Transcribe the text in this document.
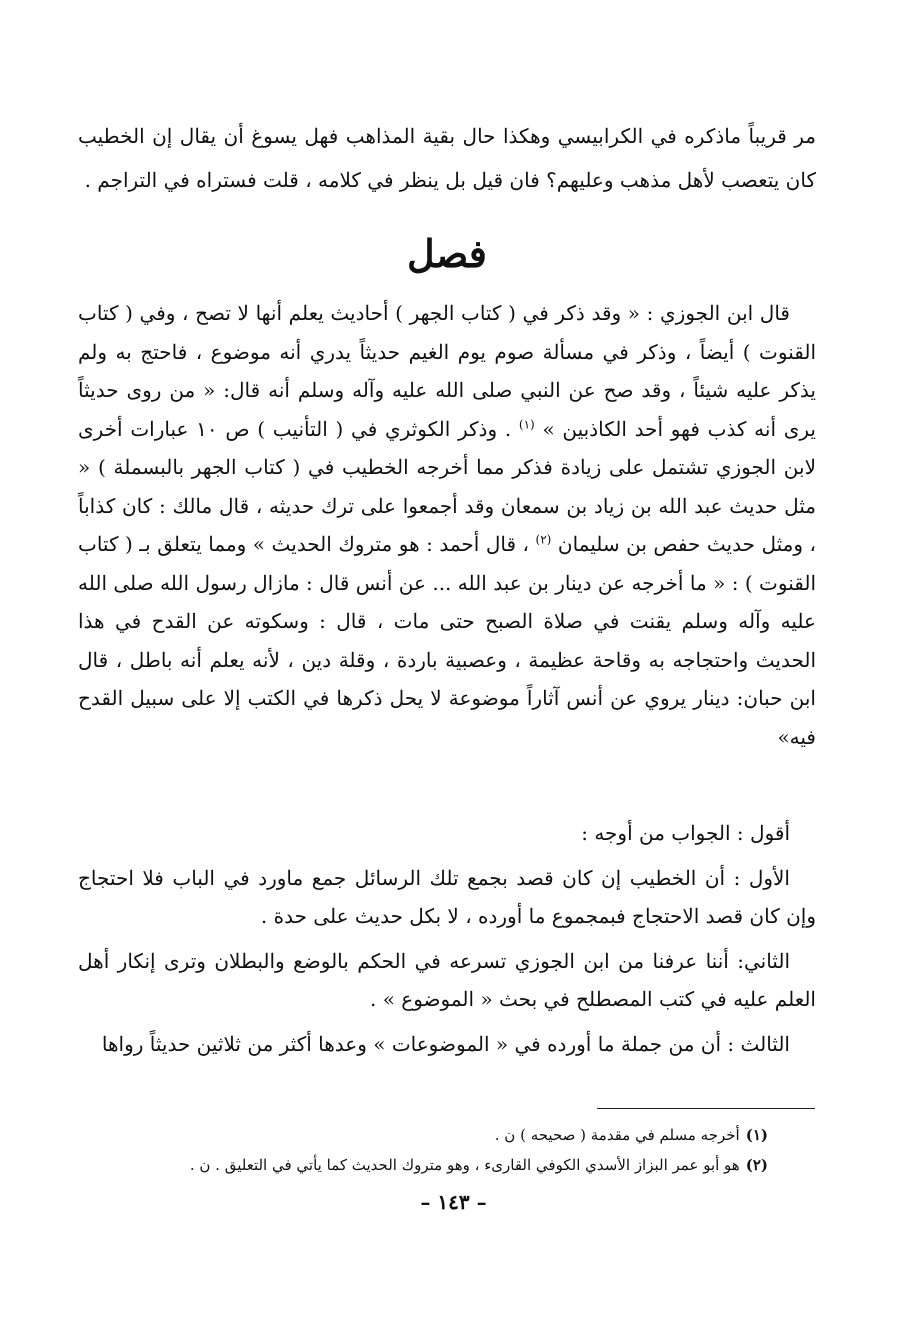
مر قريباً ماذكره في الكرابيسي وهكذا حال بقية المذاهب فهل يسوغ أن يقال إن الخطيب كان يتعصب لأهل مذهب وعليهم؟ فان قيل بل ينظر في كلامه ، قلت فستراه في التراجم .
فصل

قال ابن الجوزي : « وقد ذكر في ( كتاب الجهر ) أحاديث يعلم أنها لا تصح ، وفي ( كتاب القنوت ) أيضاً ، وذكر في مسألة صوم يوم الغيم حديثاً يدري أنه موضوع ، فاحتج به ولم يذكر عليه شيئاً ، وقد صح عن النبي صلى الله عليه وآله وسلم أنه قال: « من روى حديثاً يرى أنه كذب فهو أحد الكاذبين » $^{(١)}$ . وذكر الكوثري في ( التأنيب ) ص ١٠ عبارات أخرى لابن الجوزي تشتمل على زيادة فذكر مما أخرجه الخطيب في ( كتاب الجهر بالبسملة ) « مثل حديث عبد الله بن زياد بن سمعان وقد أجمعوا على ترك حديثه ، قال مالك : كان كذاباً ، ومثل حديث حفص بن سليمان $^{(٢)}$ ، قال أحمد : هو متروك الحديث » ومما يتعلق بـ ( كتاب القنوت ) : « ما أخرجه عن دينار بن عبد الله ... عن أنس قال : مازال رسول الله صلى الله عليه وآله وسلم يقنت في صلاة الصبح حتى مات ، قال : وسكوته عن القدح في هذا الحديث واحتجاجه به وقاحة عظيمة ، وعصبية باردة ، وقلة دين ، لأنه يعلم أنه باطل ، قال ابن حبان: دينار يروي عن أنس آثاراً موضوعة لا يحل ذكرها في الكتب إلا على سبيل القدح فيه»

أقول : الجواب من أوجه :

الأول : أن الخطيب إن كان قصد بجمع تلك الرسائل جمع ماورد في الباب فلا احتجاج وإن كان قصد الاحتجاج فبمجموع ما أورده ، لا بكل حديث على حدة .

الثاني: أننا عرفنا من ابن الجوزي تسرعه في الحكم بالوضع والبطلان وترى إنكار أهل العلم عليه في كتب المصطلح في بحث « الموضوع » .

الثالث : أن من جملة ما أورده في « الموضوعات » وعدها أكثر من ثلاثين حديثاً رواها

(١)أخرجه مسلم في مقدمة ( صحيحه ) ن .
(٢)هو أبو عمر البزاز الأسدي الكوفي القارىء ، وهو متروك الحديث كما يأتي في التعليق . ن .
– ١٤٣ –
